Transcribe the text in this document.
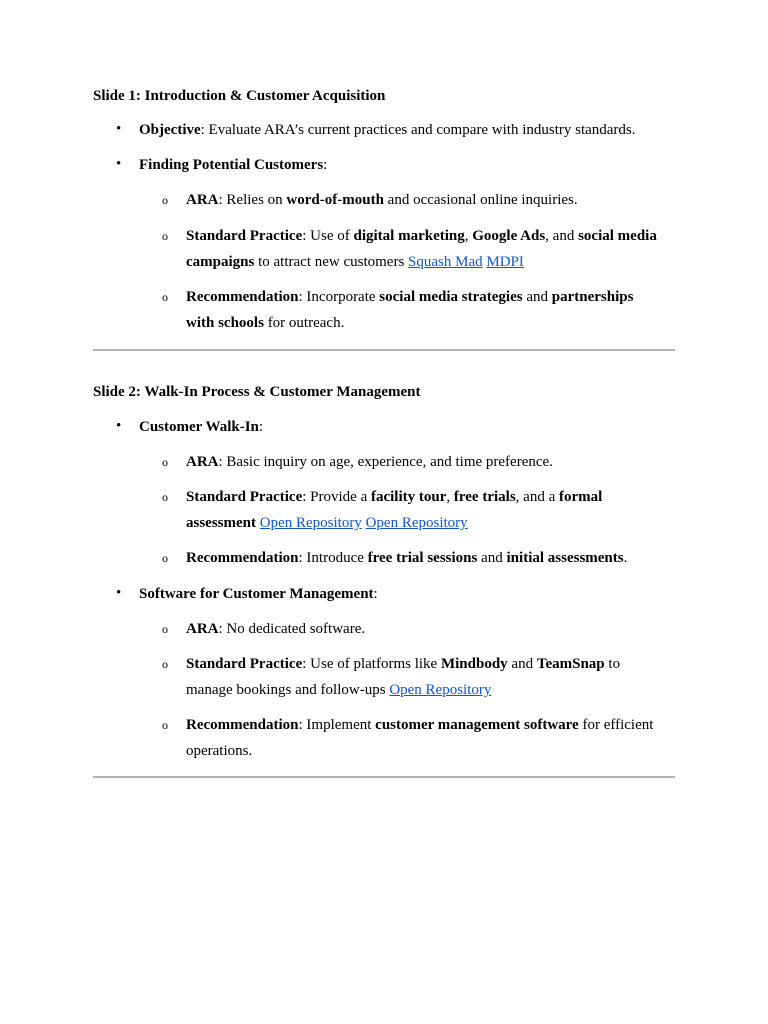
Slide 1: Introduction & Customer Acquisition
• Objective: Evaluate ARA’s current practices and compare with industry standards.
• Finding Potential Customers:
o ARA: Relies on word-of-mouth and occasional online inquiries.
o Standard Practice: Use of digital marketing, Google Ads, and social media
campaigns to attract new customers Squash Mad MDPI
o Recommendation: Incorporate social media strategies and partnerships
with schools for outreach.
Slide 2: Walk-In Process & Customer Management
• Customer Walk-In:
o ARA: Basic inquiry on age, experience, and time preference.
o Standard Practice: Provide a facility tour, free trials, and a formal
assessment Open Repository Open Repository
o Recommendation: Introduce free trial sessions and initial assessments.
• Software for Customer Management:
o ARA: No dedicated software.
o Standard Practice: Use of platforms like Mindbody and TeamSnap to
manage bookings and follow-ups Open Repository
o Recommendation: Implement customer management software for efficient
operations.
